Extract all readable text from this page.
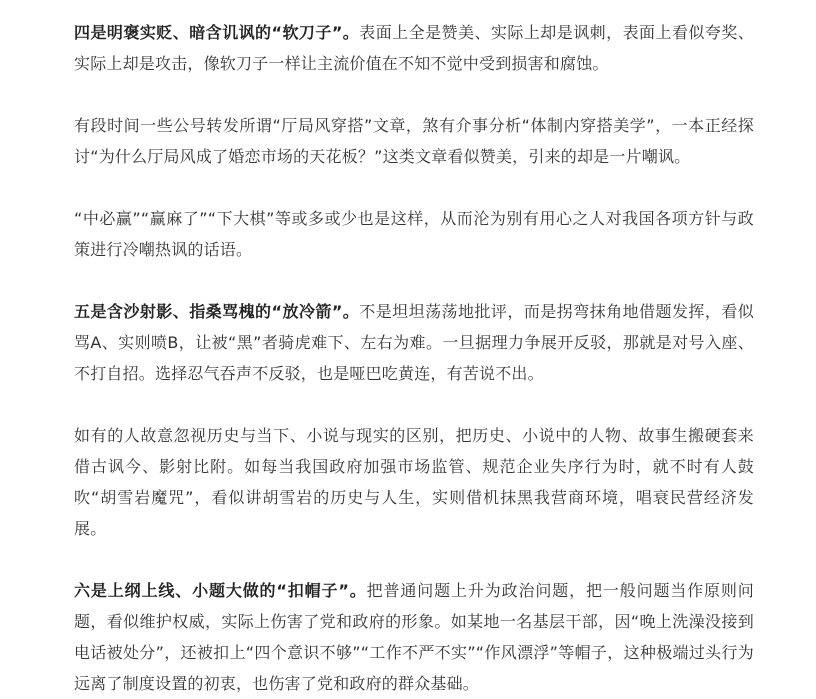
四是明褒实贬、暗含讥讽的“软刀子”。表面上全是赞美、实际上却是讽刺，表面上看似夸奖、实际上却是攻击，像软刀子一样让主流价值在不知不觉中受到损害和腐蚀。

有段时间一些公号转发所谓“厅局风穿搭”文章，煞有介事分析“体制内穿搭美学”，一本正经探讨“为什么厅局风成了婚恋市场的天花板？”这类文章看似赞美，引来的却是一片嘲讽。

“中必赢”“赢麻了”“下大棋”等或多或少也是这样，从而沦为别有用心之人对我国各项方针与政策进行冷嘲热讽的话语。

五是含沙射影、指桑骂槐的“放冷箭”。不是坦坦荡荡地批评，而是拐弯抹角地借题发挥，看似骂A、实则喷B，让被“黑”者骑虎难下、左右为难。一旦据理力争展开反驳，那就是对号入座、不打自招。选择忍气吞声不反驳，也是哑巴吃黄连，有苦说不出。

如有的人故意忽视历史与当下、小说与现实的区别，把历史、小说中的人物、故事生搬硬套来借古讽今、影射比附。如每当我国政府加强市场监管、规范企业失序行为时，就不时有人鼓吹“胡雪岩魔咒”，看似讲胡雪岩的历史与人生，实则借机抹黑我营商环境，唱衰民营经济发展。

六是上纲上线、小题大做的“扣帽子”。把普通问题上升为政治问题，把一般问题当作原则问题，看似维护权威，实际上伤害了党和政府的形象。如某地一名基层干部，因“晚上洗澡没接到电话被处分”，还被扣上“四个意识不够”“工作不严不实”“作风漂浮”等帽子，这种极端过头行为远离了制度设置的初衷，也伤害了党和政府的群众基础。
